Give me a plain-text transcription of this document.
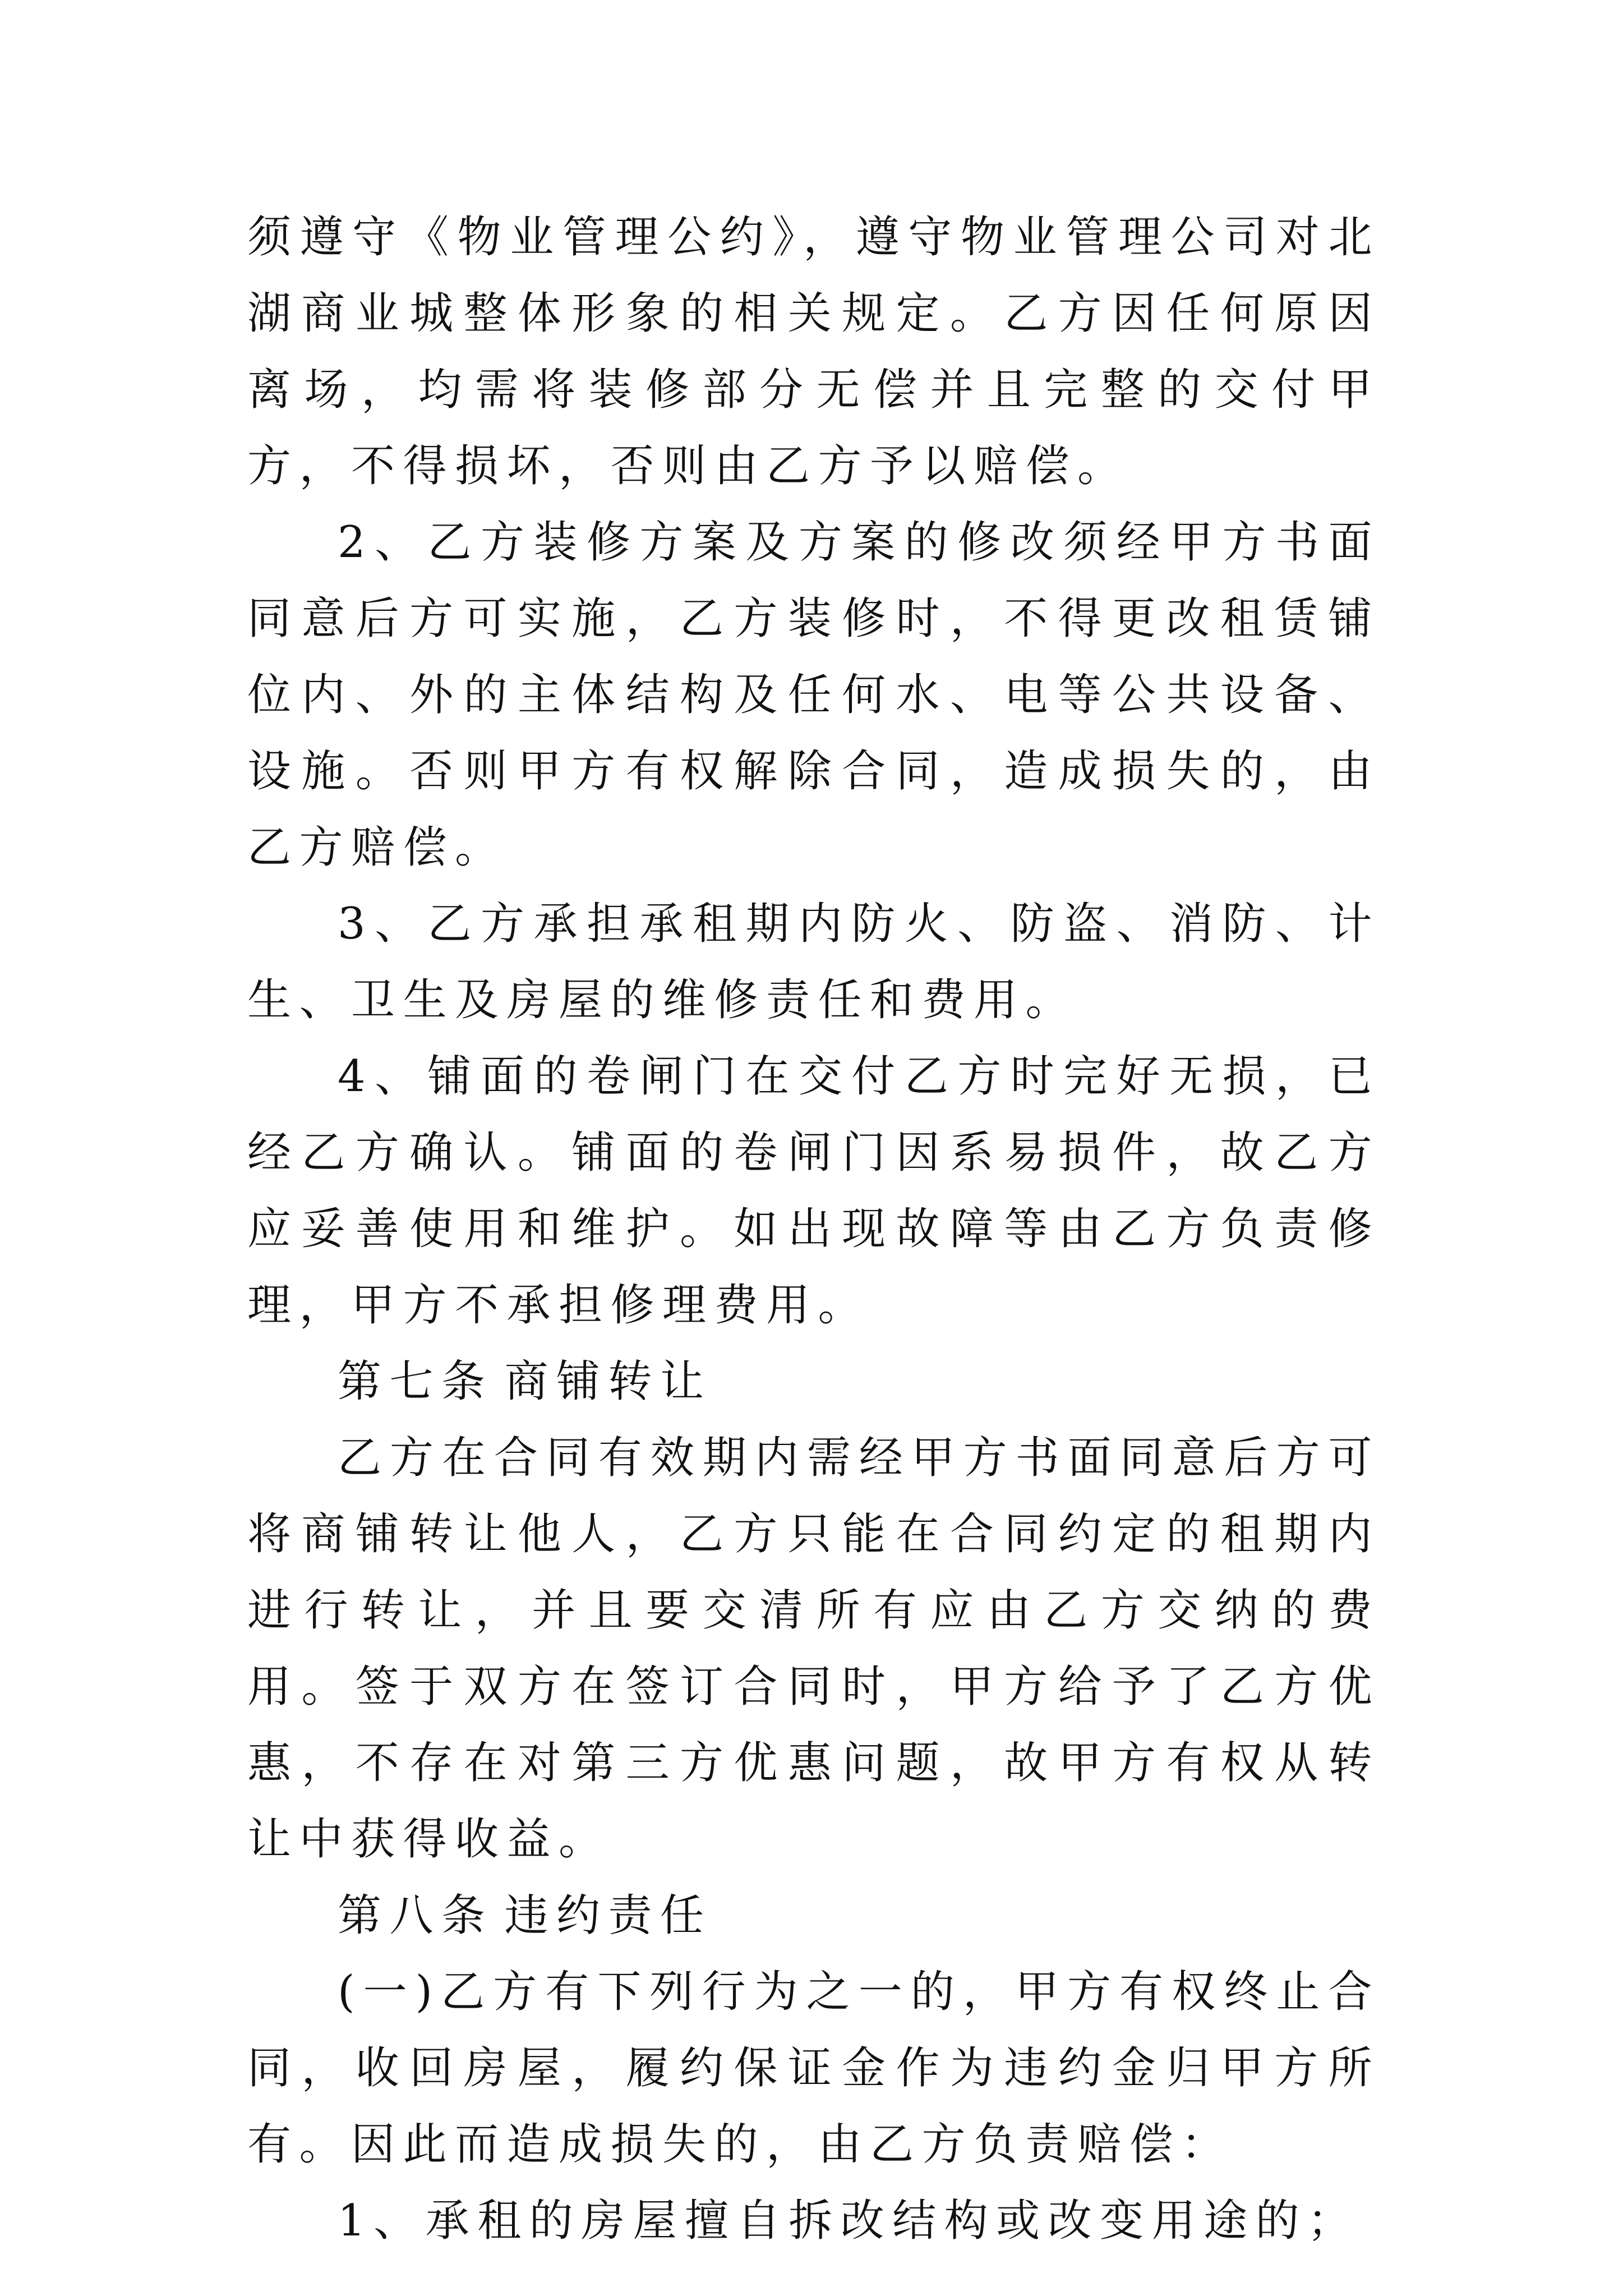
须遵守《物业管理公约》，遵守物业管理公司对北湖商业城整体形象的相关规定。乙方因任何原因离场，均需将装修部分无偿并且完整的交付甲方，不得损坏，否则由乙方予以赔偿。

2、乙方装修方案及方案的修改须经甲方书面同意后方可实施，乙方装修时，不得更改租赁铺位内、外的主体结构及任何水、电等公共设备、设施。否则甲方有权解除合同，造成损失的，由乙方赔偿。

3、乙方承担承租期内防火、防盗、消防、计生、卫生及房屋的维修责任和费用。

4、铺面的卷闸门在交付乙方时完好无损，已经乙方确认。铺面的卷闸门因系易损件，故乙方应妥善使用和维护。如出现故障等由乙方负责修理，甲方不承担修理费用。

第七条 商铺转让

乙方在合同有效期内需经甲方书面同意后方可将商铺转让他人，乙方只能在合同约定的租期内进行转让，并且要交清所有应由乙方交纳的费用。签于双方在签订合同时，甲方给予了乙方优惠，不存在对第三方优惠问题，故甲方有权从转让中获得收益。

第八条 违约责任

(一)乙方有下列行为之一的，甲方有权终止合同，收回房屋，履约保证金作为违约金归甲方所有。因此而造成损失的，由乙方负责赔偿：

1、承租的房屋擅自拆改结构或改变用途的；
